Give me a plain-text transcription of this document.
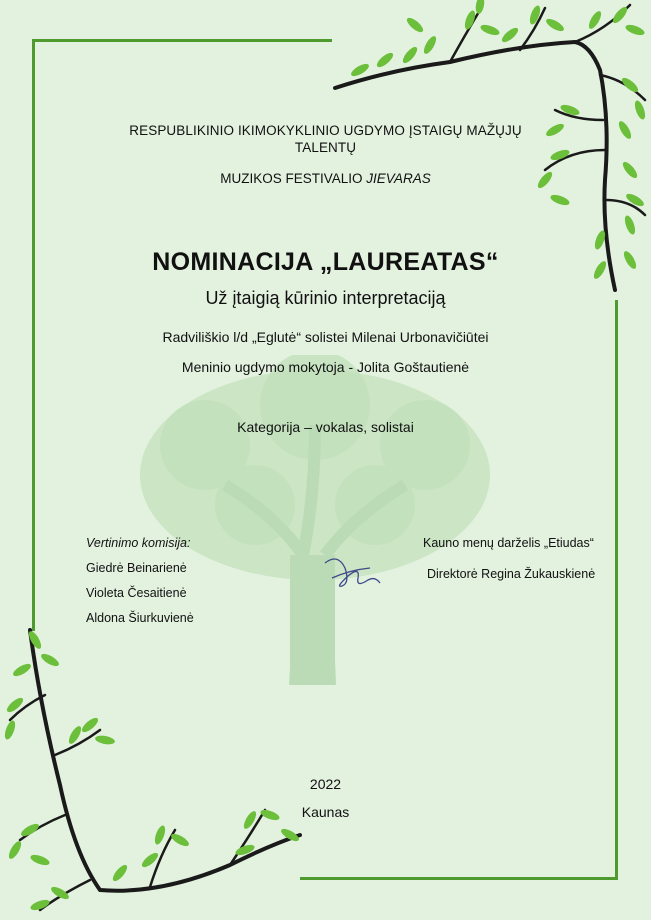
RESPUBLIKINIO IKIMOKYKLINIO UGDYMO ĮSTAIGŲ MAŽŲJŲ
TALENTŲ
MUZIKOS FESTIVALIO JIEVARAS
NOMINACIJA „LAUREATAS“
Už įtaigią kūrinio interpretaciją
Radviliškio l/d „Eglutė“ solistei Milenai Urbonavičiūtei
Meninio ugdymo mokytoja - Jolita Goštautienė
Kategorija – vokalas, solistai
Vertinimo komisija:
Giedrė Beinarienė
Violeta Česaitienė
Aldona Šiurkuvienė
Kauno menų darželis „Etiudas“
Direktorė Regina Žukauskienė
2022
Kaunas
